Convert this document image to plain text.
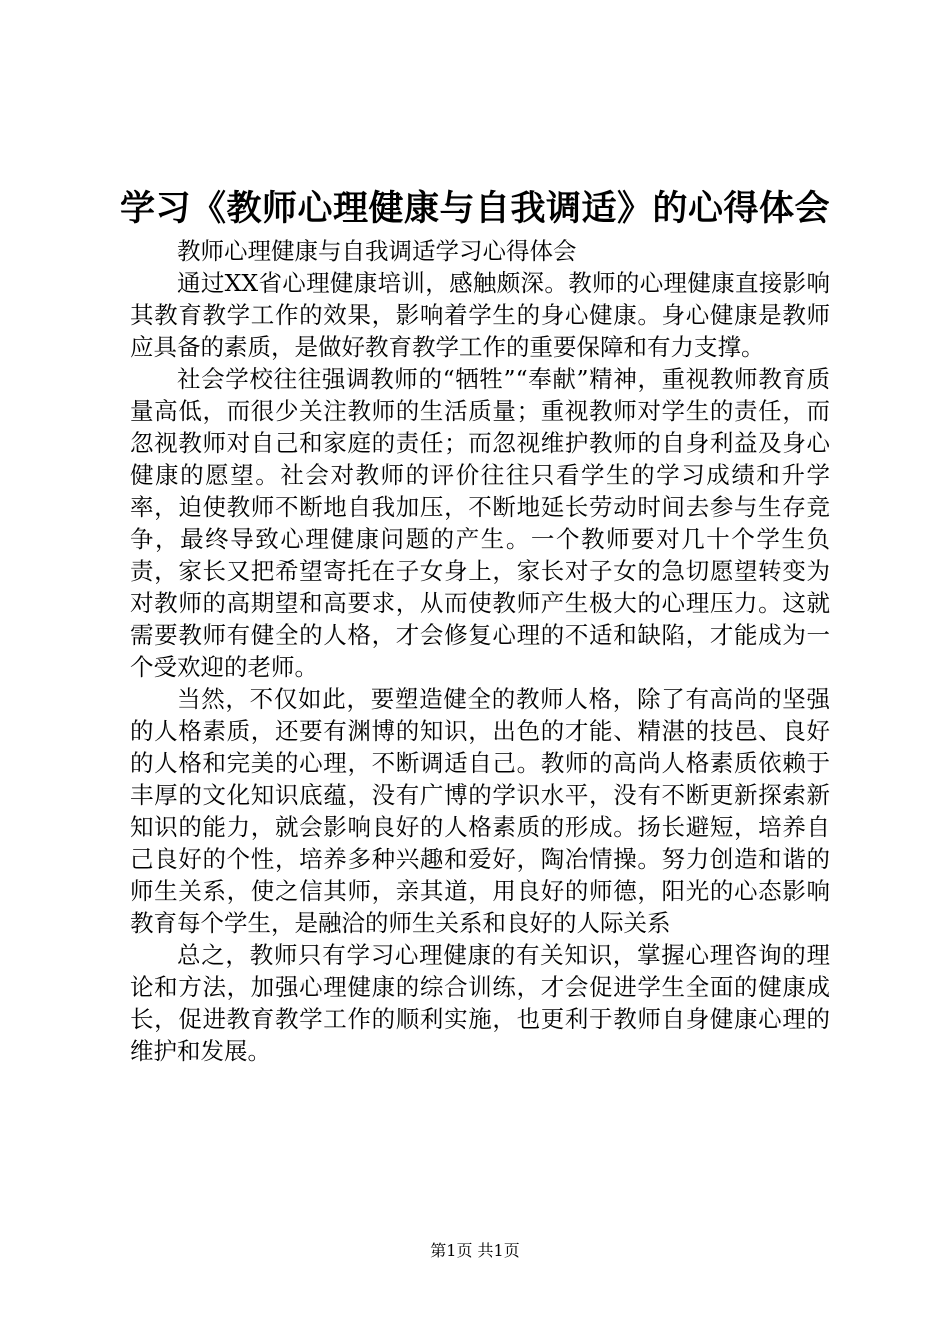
学习《教师心理健康与自我调适》的心得体会

教师心理健康与自我调适学习心得体会

通过XX省心理健康培训，感触颇深。教师的心理健康直接影响其教育教学工作的效果，影响着学生的身心健康。身心健康是教师应具备的素质，是做好教育教学工作的重要保障和有力支撑。

社会学校往往强调教师的“牺牲”“奉献”精神，重视教师教育质量高低，而很少关注教师的生活质量；重视教师对学生的责任，而忽视教师对自己和家庭的责任；而忽视维护教师的自身利益及身心健康的愿望。社会对教师的评价往往只看学生的学习成绩和升学率，迫使教师不断地自我加压，不断地延长劳动时间去参与生存竞争，最终导致心理健康问题的产生。一个教师要对几十个学生负责，家长又把希望寄托在子女身上，家长对子女的急切愿望转变为对教师的高期望和高要求，从而使教师产生极大的心理压力。这就需要教师有健全的人格，才会修复心理的不适和缺陷，才能成为一个受欢迎的老师。

当然，不仅如此，要塑造健全的教师人格，除了有高尚的坚强的人格素质，还要有渊博的知识，出色的才能、精湛的技邑、良好的人格和完美的心理，不断调适自己。教师的高尚人格素质依赖于丰厚的文化知识底蕴，没有广博的学识水平，没有不断更新探索新知识的能力，就会影响良好的人格素质的形成。扬长避短，培养自己良好的个性，培养多种兴趣和爱好，陶冶情操。努力创造和谐的师生关系，使之信其师，亲其道，用良好的师德，阳光的心态影响教育每个学生，是融洽的师生关系和良好的人际关系

总之，教师只有学习心理健康的有关知识，掌握心理咨询的理论和方法，加强心理健康的综合训练，才会促进学生全面的健康成长，促进教育教学工作的顺利实施，也更利于教师自身健康心理的维护和发展。

第1页 共1页
